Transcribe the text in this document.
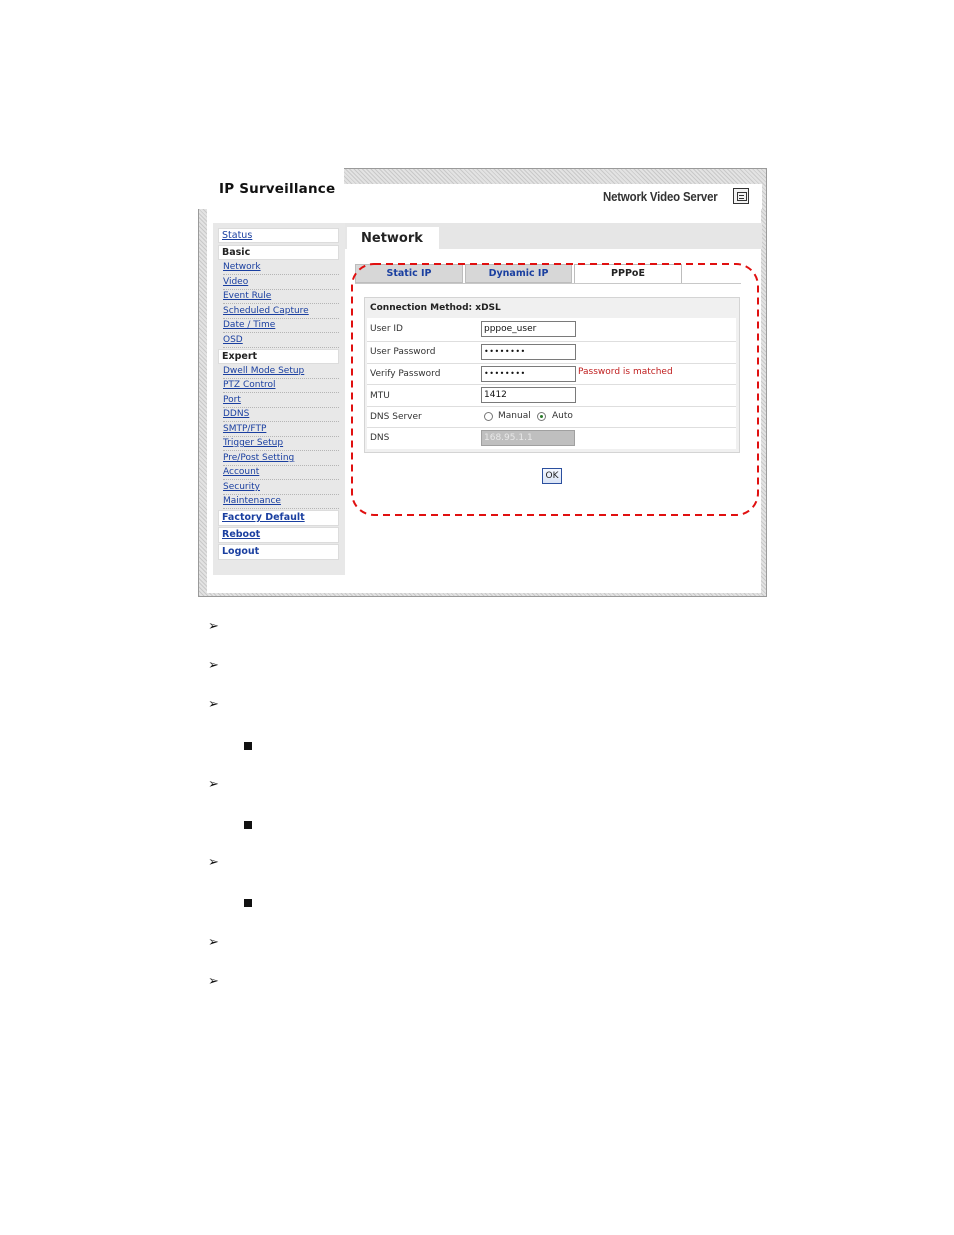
IP Surveillance	Network Video Server
Status
Basic
Network
Video
Event Rule
Scheduled Capture
Date / Time
OSD
Expert
Dwell Mode Setup
PTZ Control
Port
DDNS
SMTP/FTP
Trigger Setup
Pre/Post Setting
Account
Security
Maintenance
Factory Default
Reboot
Logout
Network
Static IP	Dynamic IP	PPPoE
Connection Method: xDSL
User ID	pppoe_user
User Password	••••••••
Verify Password	••••••••	Password is matched
MTU	1412
DNS Server	Manual Auto
DNS	168.95.1.1
OK
➢
➢
➢
➢
➢
➢
➢
